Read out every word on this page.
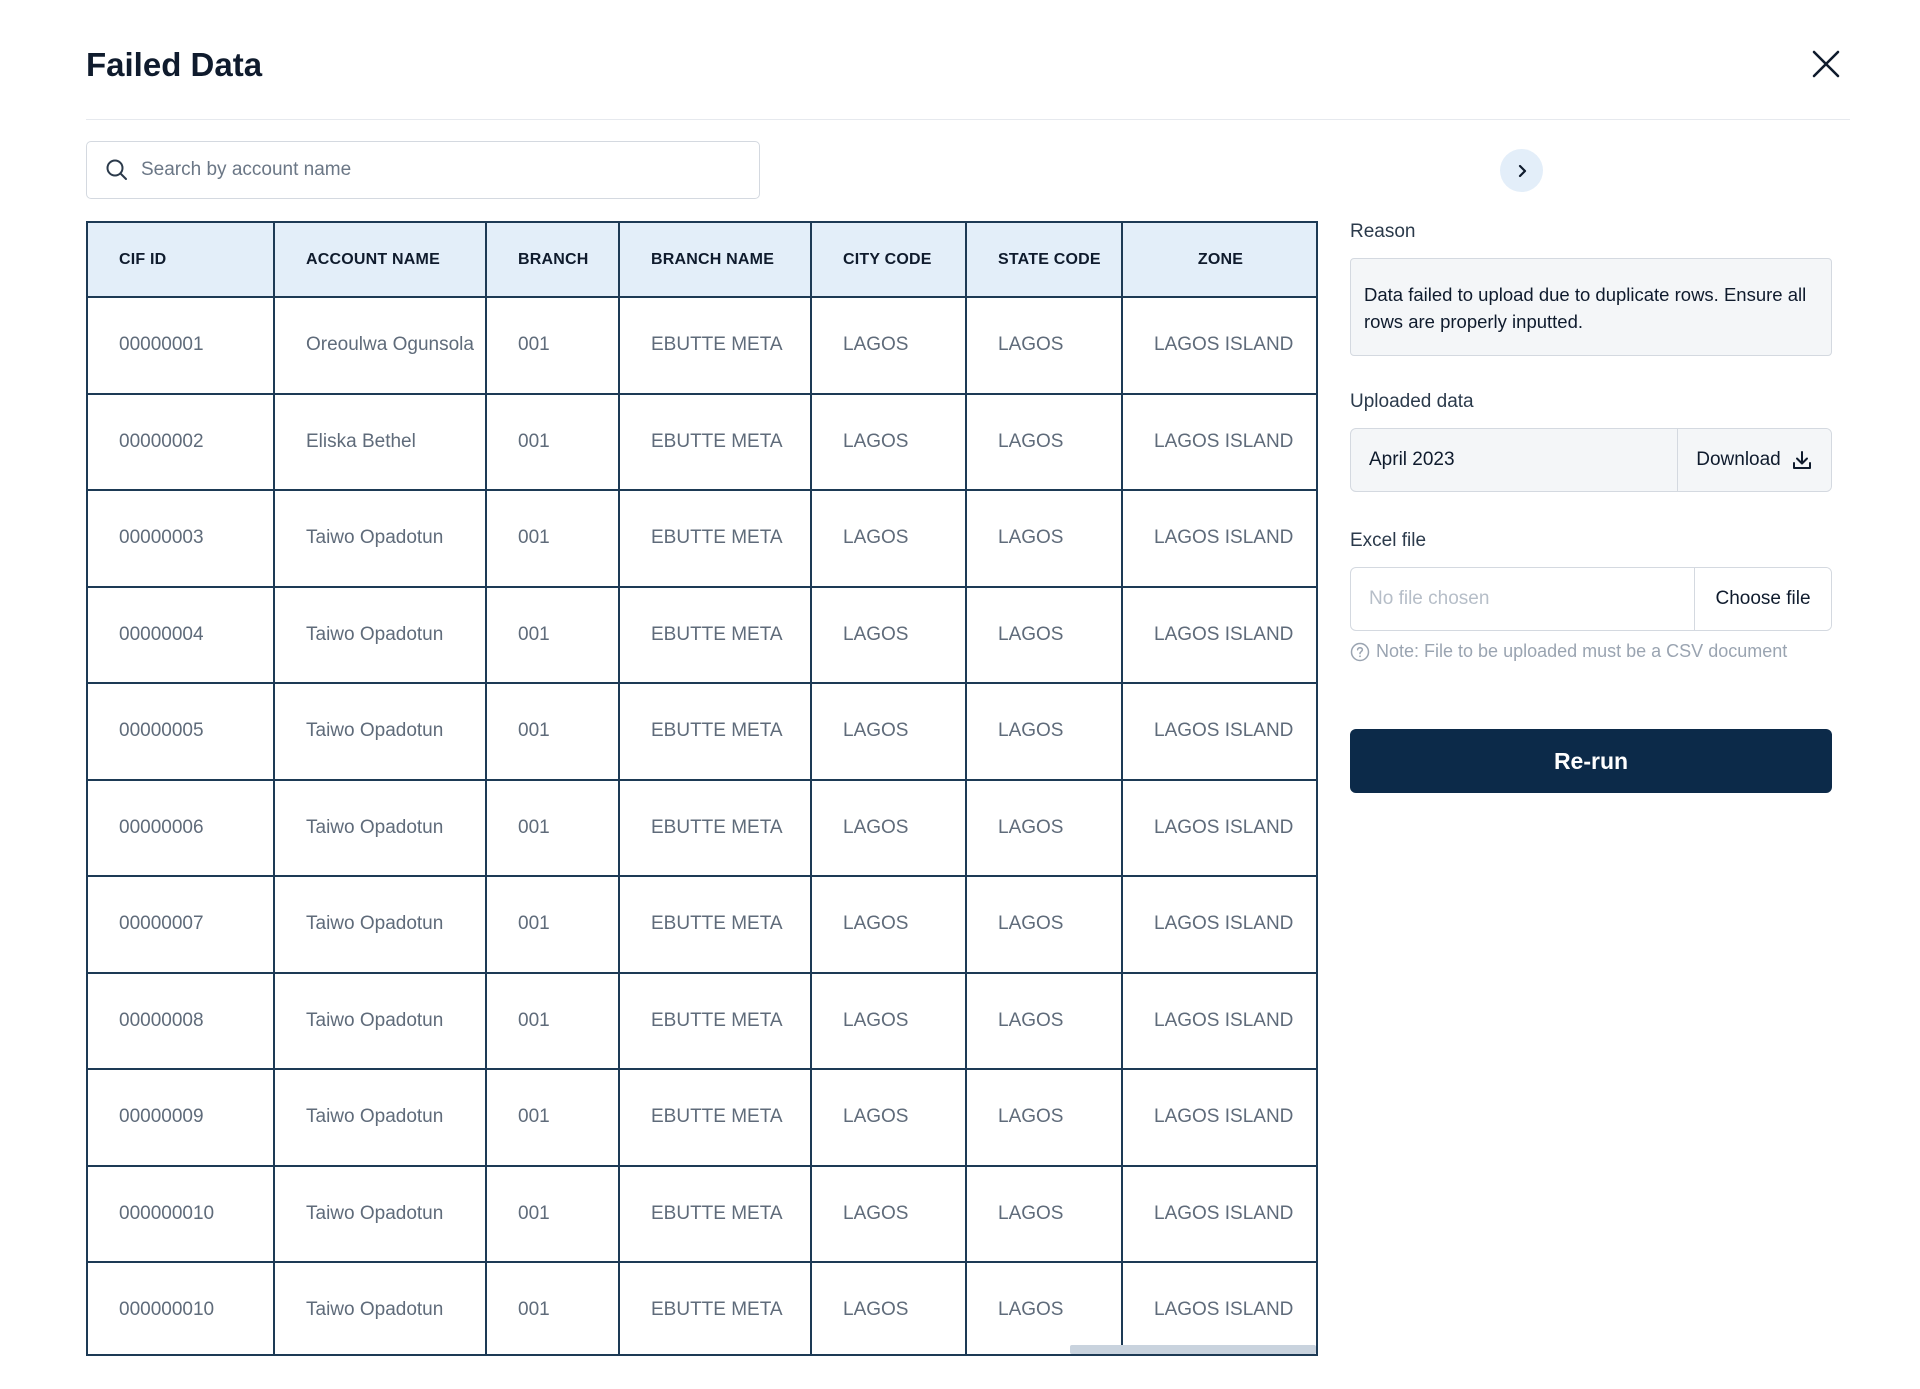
Failed Data
Search by account name
CIF ID	ACCOUNT NAME	BRANCH	BRANCH NAME	CITY CODE	STATE CODE	ZONE
00000001	Oreoulwa Ogunsola	001	EBUTTE META	LAGOS	LAGOS	LAGOS ISLAND
00000002	Eliska Bethel	001	EBUTTE META	LAGOS	LAGOS	LAGOS ISLAND
00000003	Taiwo Opadotun	001	EBUTTE META	LAGOS	LAGOS	LAGOS ISLAND
00000004	Taiwo Opadotun	001	EBUTTE META	LAGOS	LAGOS	LAGOS ISLAND
00000005	Taiwo Opadotun	001	EBUTTE META	LAGOS	LAGOS	LAGOS ISLAND
00000006	Taiwo Opadotun	001	EBUTTE META	LAGOS	LAGOS	LAGOS ISLAND
00000007	Taiwo Opadotun	001	EBUTTE META	LAGOS	LAGOS	LAGOS ISLAND
00000008	Taiwo Opadotun	001	EBUTTE META	LAGOS	LAGOS	LAGOS ISLAND
00000009	Taiwo Opadotun	001	EBUTTE META	LAGOS	LAGOS	LAGOS ISLAND
000000010	Taiwo Opadotun	001	EBUTTE META	LAGOS	LAGOS	LAGOS ISLAND
000000010	Taiwo Opadotun	001	EBUTTE META	LAGOS	LAGOS	LAGOS ISLAND
Reason
Data failed to upload due to duplicate rows. Ensure all rows are properly inputted.
Uploaded data
April 2023	Download
Excel file
No file chosen	Choose file
Note: File to be uploaded must be a CSV document
Re-run
